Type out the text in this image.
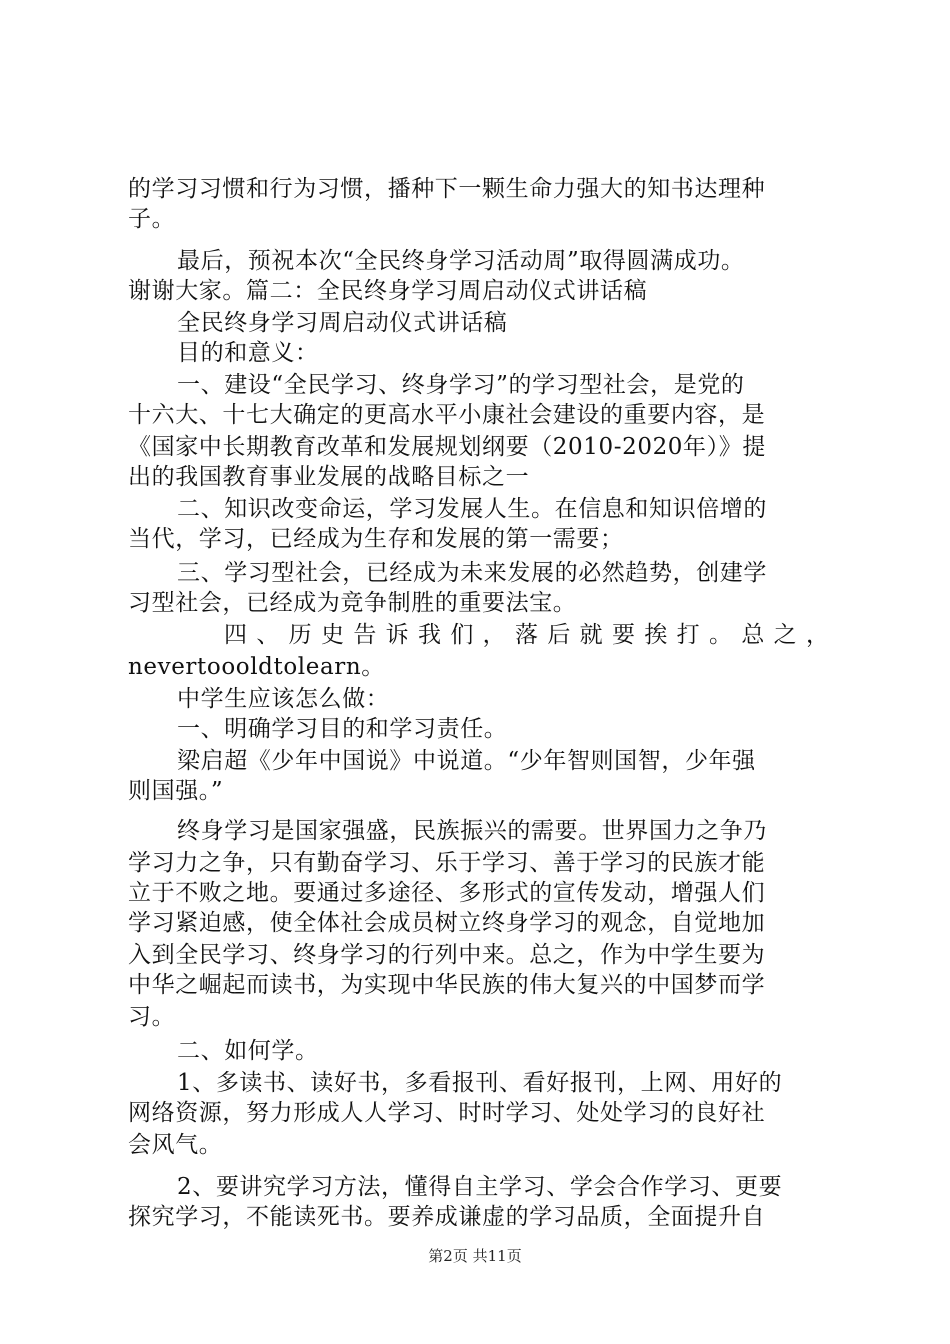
的学习习惯和行为习惯，播种下一颗生命力强大的知书达理种
子。
最后，预祝本次“全民终身学习活动周”取得圆满成功。
谢谢大家。篇二：全民终身学习周启动仪式讲话稿
全民终身学习周启动仪式讲话稿
目的和意义：
一、建设“全民学习、终身学习”的学习型社会，是党的
十六大、十七大确定的更高水平小康社会建设的重要内容，是
《国家中长期教育改革和发展规划纲要（2010-2020年）》提
出的我国教育事业发展的战略目标之一
二、知识改变命运，学习发展人生。在信息和知识倍增的
当代，学习，已经成为生存和发展的第一需要；
三、学习型社会，已经成为未来发展的必然趋势，创建学
习型社会，已经成为竞争制胜的重要法宝。
四、历史告诉我们，落后就要挨打。总之，
nevertoooldtolearn。
中学生应该怎么做：
一、明确学习目的和学习责任。
梁启超《少年中国说》中说道。“少年智则国智，少年强
则国强。”
终身学习是国家强盛，民族振兴的需要。世界国力之争乃
学习力之争，只有勤奋学习、乐于学习、善于学习的民族才能
立于不败之地。要通过多途径、多形式的宣传发动，增强人们
学习紧迫感，使全体社会成员树立终身学习的观念，自觉地加
入到全民学习、终身学习的行列中来。总之，作为中学生要为
中华之崛起而读书，为实现中华民族的伟大复兴的中国梦而学
习。
二、如何学。
1、多读书、读好书，多看报刊、看好报刊，上网、用好的
网络资源，努力形成人人学习、时时学习、处处学习的良好社
会风气。
2、要讲究学习方法，懂得自主学习、学会合作学习、更要
探究学习，不能读死书。要养成谦虚的学习品质，全面提升自
第2页 共11页
